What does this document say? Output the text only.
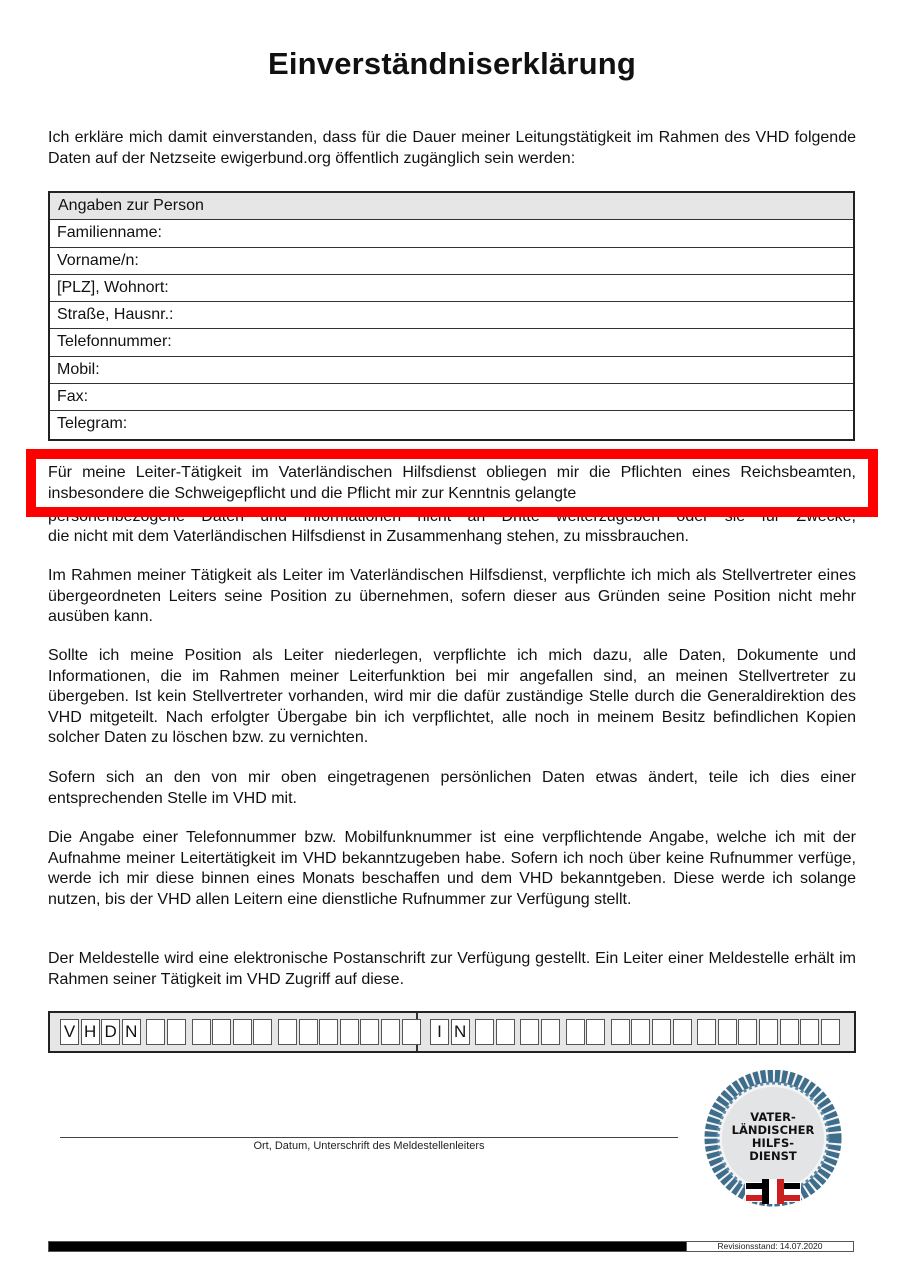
Einverständniserklärung

Ich erkläre mich damit einverstanden, dass für die Dauer meiner Leitungstätigkeit im Rahmen des VHD folgende Daten auf der Netzseite ewigerbund.org öffentlich zugänglich sein werden:

Angaben zur Person
Familienname:
Vorname/n:
[PLZ], Wohnort:
Straße, Hausnr.:
Telefonnummer:
Mobil:
Fax:
Telegram:

Für meine Leiter-Tätigkeit im Vaterländischen Hilfsdienst obliegen mir die Pflichten eines Reichsbeamten, insbesondere die Schweigepflicht und die Pflicht mir zur Kenntnis gelangte

personenbezogene Daten und Informationen nicht an Dritte weiterzugeben oder sie für Zwecke,

die nicht mit dem Vaterländischen Hilfsdienst in Zusammenhang stehen, zu missbrauchen.

Im Rahmen meiner Tätigkeit als Leiter im Vaterländischen Hilfsdienst, verpflichte ich mich als Stellvertreter eines übergeordneten Leiters seine Position zu übernehmen, sofern dieser aus Gründen seine Position nicht mehr ausüben kann.

Sollte ich meine Position als Leiter niederlegen, verpflichte ich mich dazu, alle Daten, Dokumente und Informationen, die im Rahmen meiner Leiterfunktion bei mir angefallen sind, an meinen Stellvertreter zu übergeben. Ist kein Stellvertreter vorhanden, wird mir die dafür zuständige Stelle durch die Generaldirektion des VHD mitgeteilt. Nach erfolgter Übergabe bin ich verpflichtet, alle noch in meinem Besitz befindlichen Kopien solcher Daten zu löschen bzw. zu vernichten.

Sofern sich an den von mir oben eingetragenen persönlichen Daten etwas ändert, teile ich dies einer entsprechenden Stelle im VHD mit.

Die Angabe einer Telefonnummer bzw. Mobilfunknummer ist eine verpflichtende Angabe, welche ich mit der Aufnahme meiner Leitertätigkeit im VHD bekanntzugeben habe. Sofern ich noch über keine Rufnummer verfüge, werde ich mir diese binnen eines Monats beschaffen und dem VHD bekanntgeben. Diese werde ich solange nutzen, bis der VHD allen Leitern eine dienstliche Rufnummer zur Verfügung stellt.

Der Meldestelle wird eine elektronische Postanschrift zur Verfügung gestellt. Ein Leiter einer Meldestelle erhält im Rahmen seiner Tätigkeit im VHD Zugriff auf diese.

V H D N	I N
Ort, Datum, Unterschrift des Meldestellenleiters
VATER-
LÄNDISCHER
HILFS-
DIENST
Revisionsstand: 14.07.2020
